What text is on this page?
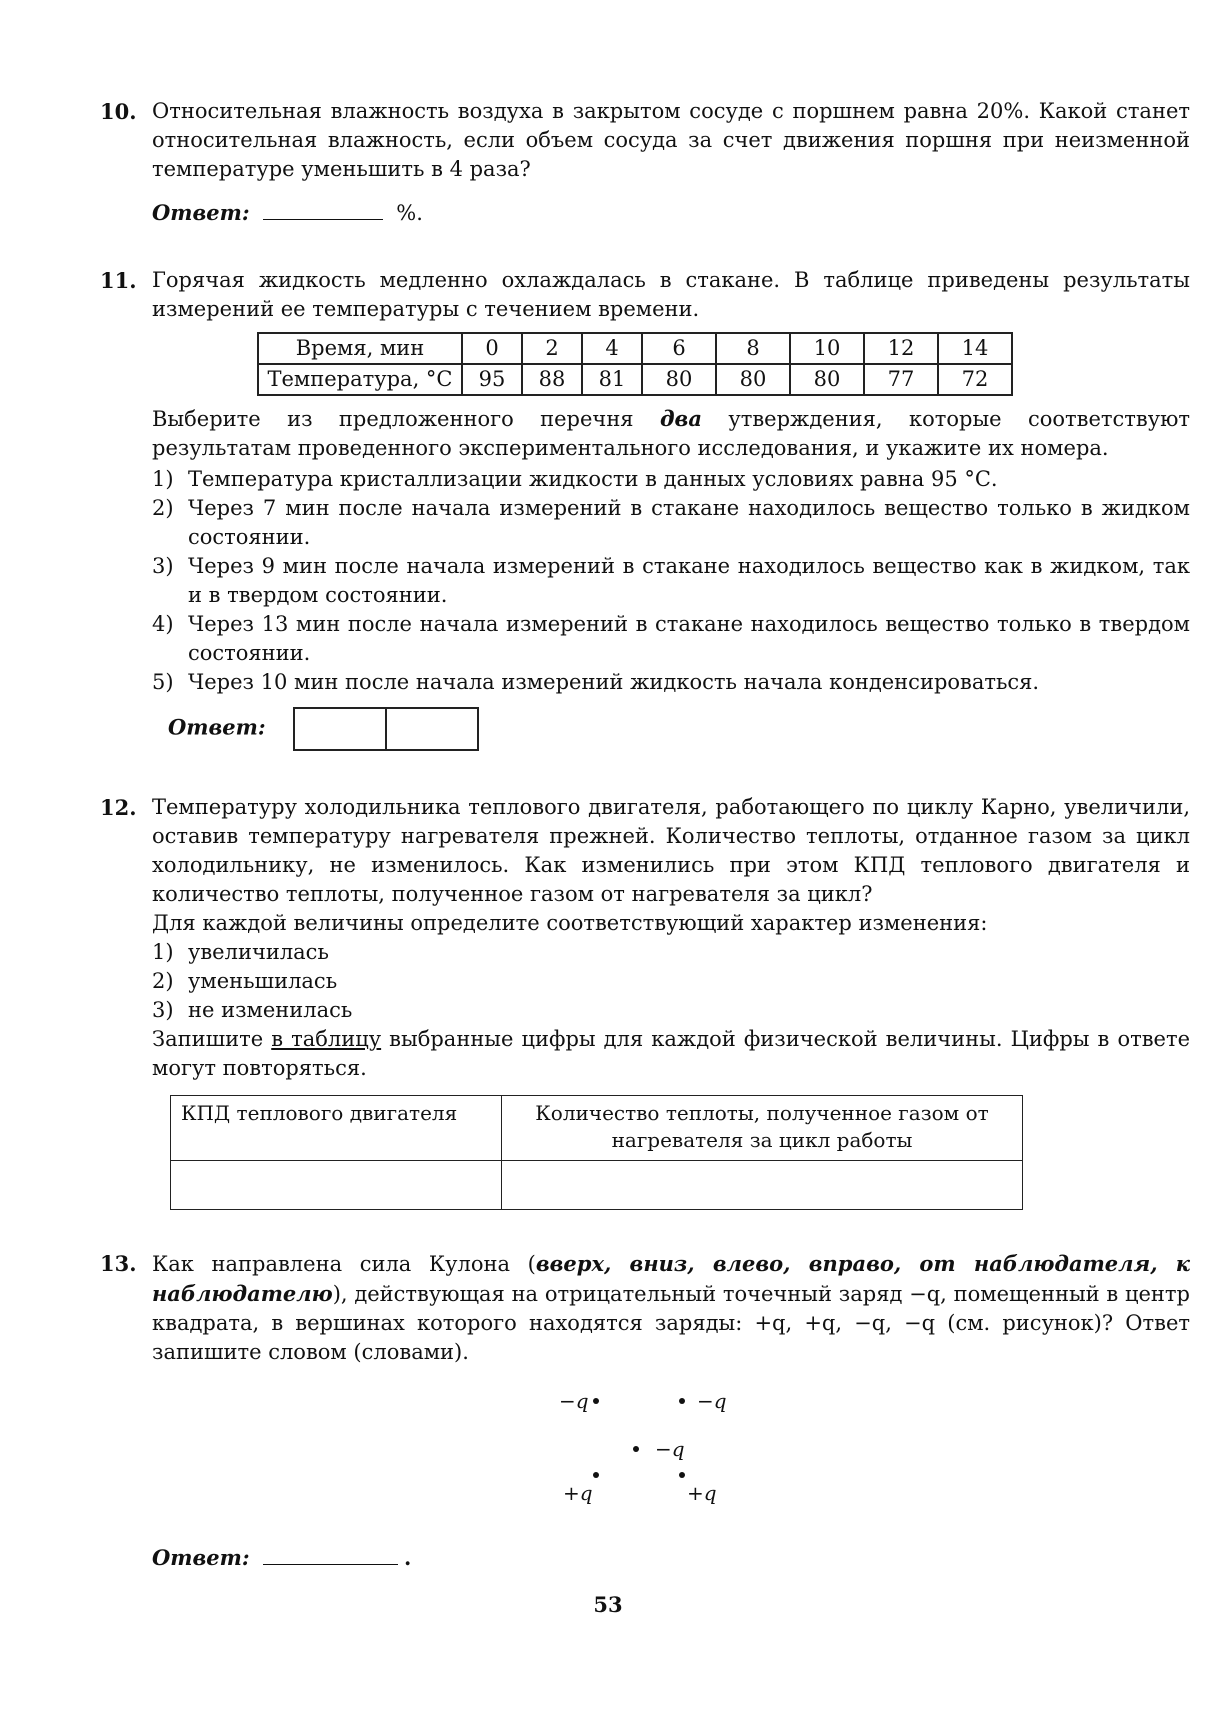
10. Относительная влажность воздуха в закрытом сосуде с поршнем равна 20%. Какой станет относительная влажность, если объем сосуда за счет движения поршня при неизменной температуре уменьшить в 4 раза?

Ответ:	%.
11. Горячая жидкость медленно охлаждалась в стакане. В таблице приведены результаты измерений ее температуры с течением времени.

Время, мин	0	2	4	6	8	10	12	14
Температура, °С	95	88	81	80	80	80	77	72

Выберите из предложенного перечня два утверждения, которые соответствуют результатам проведенного экспериментального исследования, и укажите их номера.

1) Температура кристаллизации жидкости в данных условиях равна 95 °С.
2) Через 7 мин после начала измерений в стакане находилось вещество только в жидком состоянии.
3) Через 9 мин после начала измерений в стакане находилось вещество как в жидком, так и в твердом состоянии.
4) Через 13 мин после начала измерений в стакане находилось вещество только в твердом состоянии.
5) Через 10 мин после начала измерений жидкость начала конденсироваться.
Ответ:
12. Температуру холодильника теплового двигателя, работающего по циклу Карно, увеличили, оставив температуру нагревателя прежней. Количество теплоты, отданное газом за цикл холодильнику, не изменилось. Как изменились при этом КПД теплового двигателя и количество теплоты, полученное газом от нагревателя за цикл?

Для каждой величины определите соответствующий характер изменения:

1) увеличилась
2) уменьшилась
3) не изменилась

Запишите в таблицу выбранные цифры для каждой физической величины. Цифры в ответе могут повторяться.

КПД теплового двигателя	Количество теплоты, полученное газом от нагревателя за цикл работы

13. Как направлена сила Кулона (вверх, вниз, влево, вправо, от наблюдателя, к наблюдателю), действующая на отрицательный точечный заряд −q, помещенный в центр квадрата, в вершинах которого находятся заряды: +q, +q, −q, −q (см. рисунок)? Ответ запишите словом (словами).

−q	−q
−q
+q	+q
Ответ:	.
53
